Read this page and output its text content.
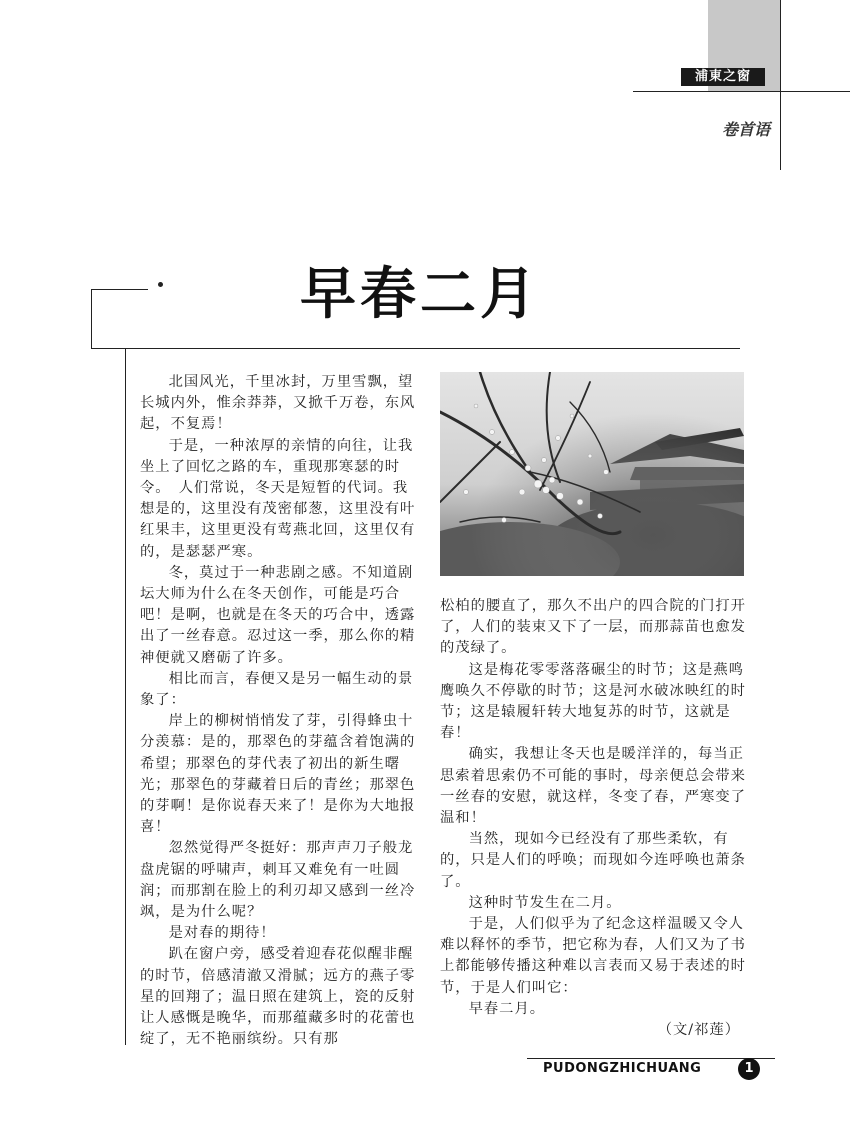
浦東之窗
卷首语
早春二月

北国风光，千里冰封，万里雪飘，望长城内外，惟余莽莽，又掀千万卷，东风起，不复焉！

于是，一种浓厚的亲情的向往，让我坐上了回忆之路的车，重现那寒瑟的时令。　人们常说，冬天是短暂的代词。我想是的，这里没有茂密郁葱，这里没有叶红果丰，这里更没有莺燕北回，这里仅有的，是瑟瑟严寒。

冬，莫过于一种悲剧之感。不知道剧坛大师为什么在冬天创作，可能是巧合吧！是啊，也就是在冬天的巧合中，透露出了一丝春意。忍过这一季，那么你的精神便就又磨砺了许多。

相比而言，春便又是另一幅生动的景象了：

岸上的柳树悄悄发了芽，引得蜂虫十分羡慕：是的，那翠色的芽蕴含着饱满的希望；那翠色的芽代表了初出的新生曙光；那翠色的芽藏着日后的青丝；那翠色的芽啊！是你说春天来了！是你为大地报喜！

忽然觉得严冬挺好：那声声刀子般龙盘虎锯的呼啸声，刺耳又难免有一吐圆润；而那割在脸上的利刃却又感到一丝冷飒，是为什么呢？

是对春的期待！

趴在窗户旁，感受着迎春花似醒非醒的时节，倍感清澈又滑腻；远方的燕子零星的回翔了；温日照在建筑上，瓷的反射让人感慨是晚华，而那蕴藏多时的花蕾也绽了，无不艳丽缤纷。只有那

松柏的腰直了，那久不出户的四合院的门打开了，人们的装束又下了一层，而那蒜苗也愈发的茂绿了。

这是梅花零零落落碾尘的时节；这是燕鸣鹰唤久不停歇的时节；这是河水破冰映红的时节；这是辕履轩转大地复苏的时节，这就是春！

确实，我想让冬天也是暖洋洋的，每当正思索着思索仍不可能的事时，母亲便总会带来一丝春的安慰，就这样，冬变了春，严寒变了温和！

当然，现如今已经没有了那些柔软，有的，只是人们的呼唤；而现如今连呼唤也萧条了。

这种时节发生在二月。

于是，人们似乎为了纪念这样温暖又令人难以释怀的季节，把它称为春，人们又为了书上都能够传播这种难以言表而又易于表述的时节，于是人们叫它：

早春二月。

（文/祁莲）

PUDONGZHICHUANG	1
